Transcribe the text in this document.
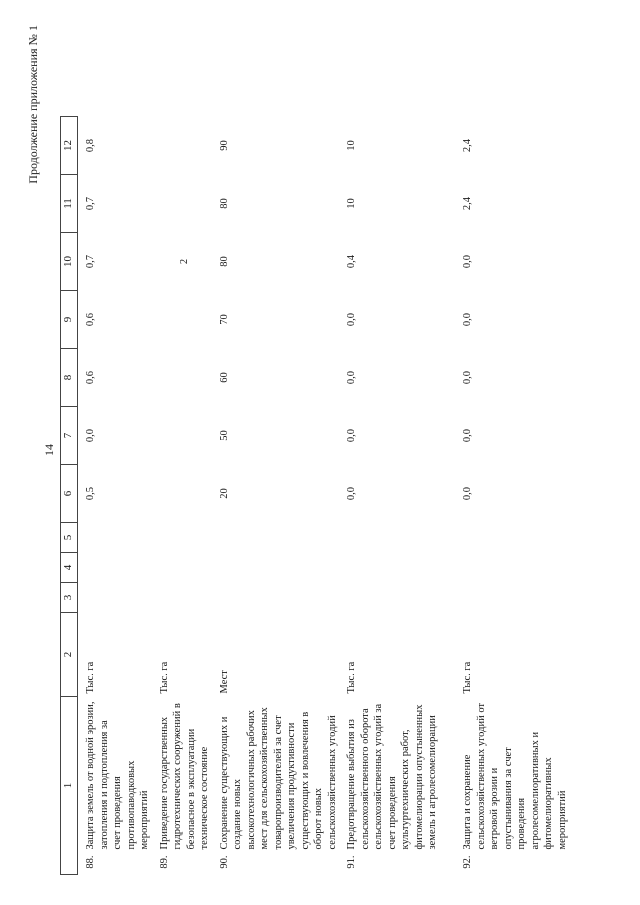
14
Продолжение приложения № 1
1		2	3	4	5	6	7	8	9	10	11	12
88.	Защита земель от водной эрозии, затопления и подтопления за счет проведения противопаводковых мероприятий	Тыс. га				0,5	0,0	0,6	0,6	0,7	0,7	0,8
89.	Приведение государственных гидротехнических сооружений в безопасное в эксплуатации техническое состояние	Тыс. га								2		

90.	Сохранение существующих и создание новых высокотехнологичных рабочих мест для сельскохозяйственных товаропроизводителей за счет увеличения продуктивности существующих и вовлечения в оборот новых сельскохозяйственных угодий	Мест				20	50	60	70	80	80	90
91.	Предотвращение выбытия из сельскохозяйственного оборота сельскохозяйственных угодий за счет проведения культуртехнических работ, фитомелиорации опустыненных земель и агролесомелиорации	Тыс. га				0,0	0,0	0,0	0,0	0,4	10	10
92.	Защита и сохранение сельскохозяйственных угодий от ветровой эрозии и опустынивания за счет проведения агролесомелиоративных и фитомелиоративных мероприятий	Тыс. га				0,0	0,0	0,0	0,0	0,0	2,4	2,4
